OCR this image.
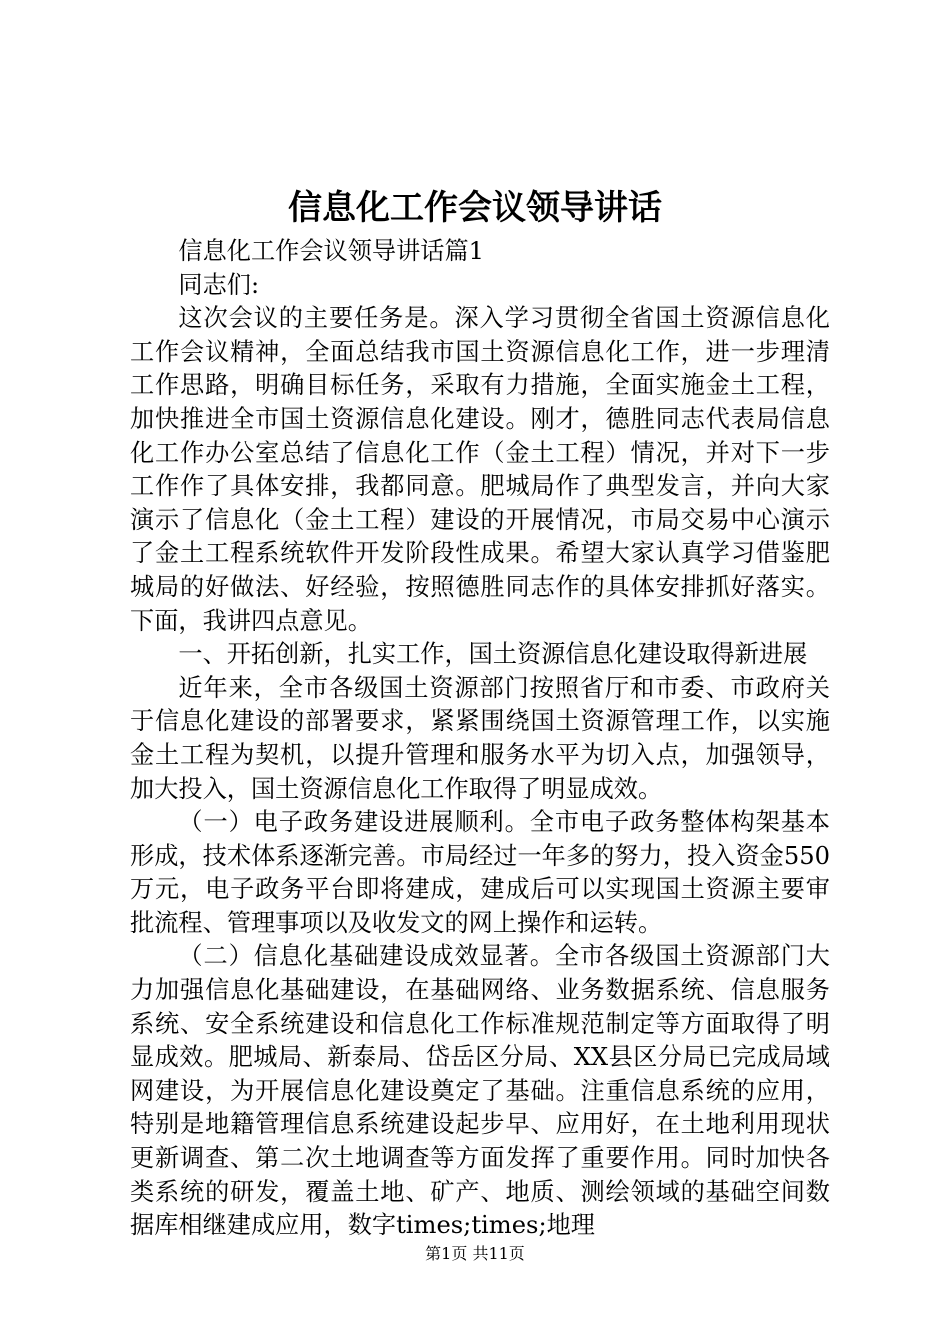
信息化工作会议领导讲话

信息化工作会议领导讲话篇1

同志们:

这次会议的主要任务是。深入学习贯彻全省国土资源信息化工作会议精神，全面总结我市国土资源信息化工作，进一步理清工作思路，明确目标任务，采取有力措施，全面实施金土工程，加快推进全市国土资源信息化建设。刚才，德胜同志代表局信息化工作办公室总结了信息化工作（金土工程）情况，并对下一步工作作了具体安排，我都同意。肥城局作了典型发言，并向大家演示了信息化（金土工程）建设的开展情况，市局交易中心演示了金土工程系统软件开发阶段性成果。希望大家认真学习借鉴肥城局的好做法、好经验，按照德胜同志作的具体安排抓好落实。下面，我讲四点意见。

一、开拓创新，扎实工作，国土资源信息化建设取得新进展

近年来，全市各级国土资源部门按照省厅和市委、市政府关于信息化建设的部署要求，紧紧围绕国土资源管理工作，以实施金土工程为契机，以提升管理和服务水平为切入点，加强领导，加大投入，国土资源信息化工作取得了明显成效。

（一）电子政务建设进展顺利。全市电子政务整体构架基本形成，技术体系逐渐完善。市局经过一年多的努力，投入资金550万元，电子政务平台即将建成，建成后可以实现国土资源主要审批流程、管理事项以及收发文的网上操作和运转。

（二）信息化基础建设成效显著。全市各级国土资源部门大力加强信息化基础建设，在基础网络、业务数据系统、信息服务系统、安全系统建设和信息化工作标准规范制定等方面取得了明显成效。肥城局、新泰局、岱岳区分局、XX县区分局已完成局域网建设，为开展信息化建设奠定了基础。注重信息系统的应用，特别是地籍管理信息系统建设起步早、应用好，在土地利用现状更新调查、第二次土地调查等方面发挥了重要作用。同时加快各类系统的研发，覆盖土地、矿产、地质、测绘领域的基础空间数据库相继建成应用，数字times;times;地理

第1页 共11页
